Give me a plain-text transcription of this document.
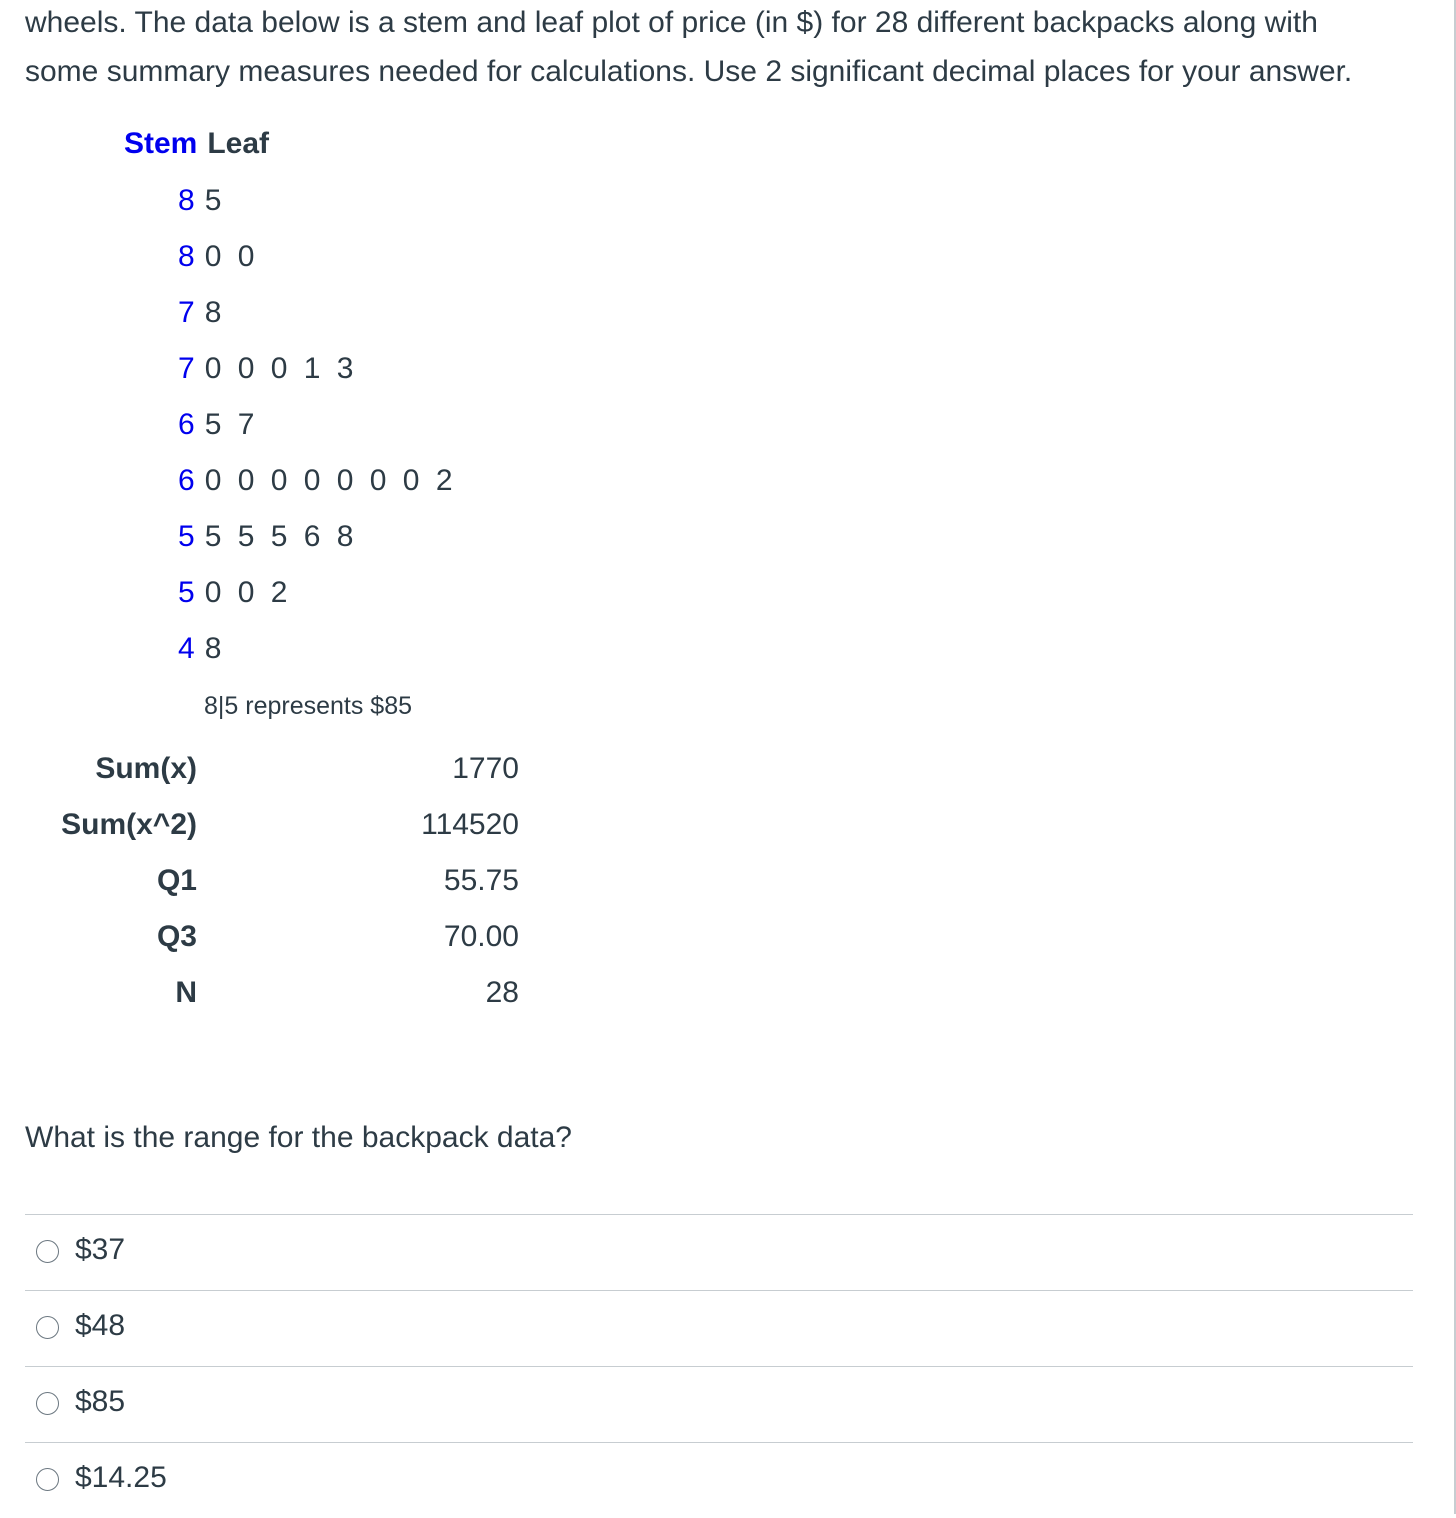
wheels. The data below is a stem and leaf plot of price (in $) for 28 different backpacks along with

some summary measures needed for calculations. Use 2 significant decimal places for your answer.

Stem Leaf
8 5
8 0 0
7 8
7 0 0 0 1 3
6 5 7
6 0 0 0 0 0 0 0 2
5 5 5 5 6 8
5 0 0 2
4 8
8|5 represents $85
Sum(x)	1770
Sum(x^2)	114520
Q1	55.75
Q3	70.00
N	28

What is the range for the backpack data?

$37
$48
$85
$14.25
